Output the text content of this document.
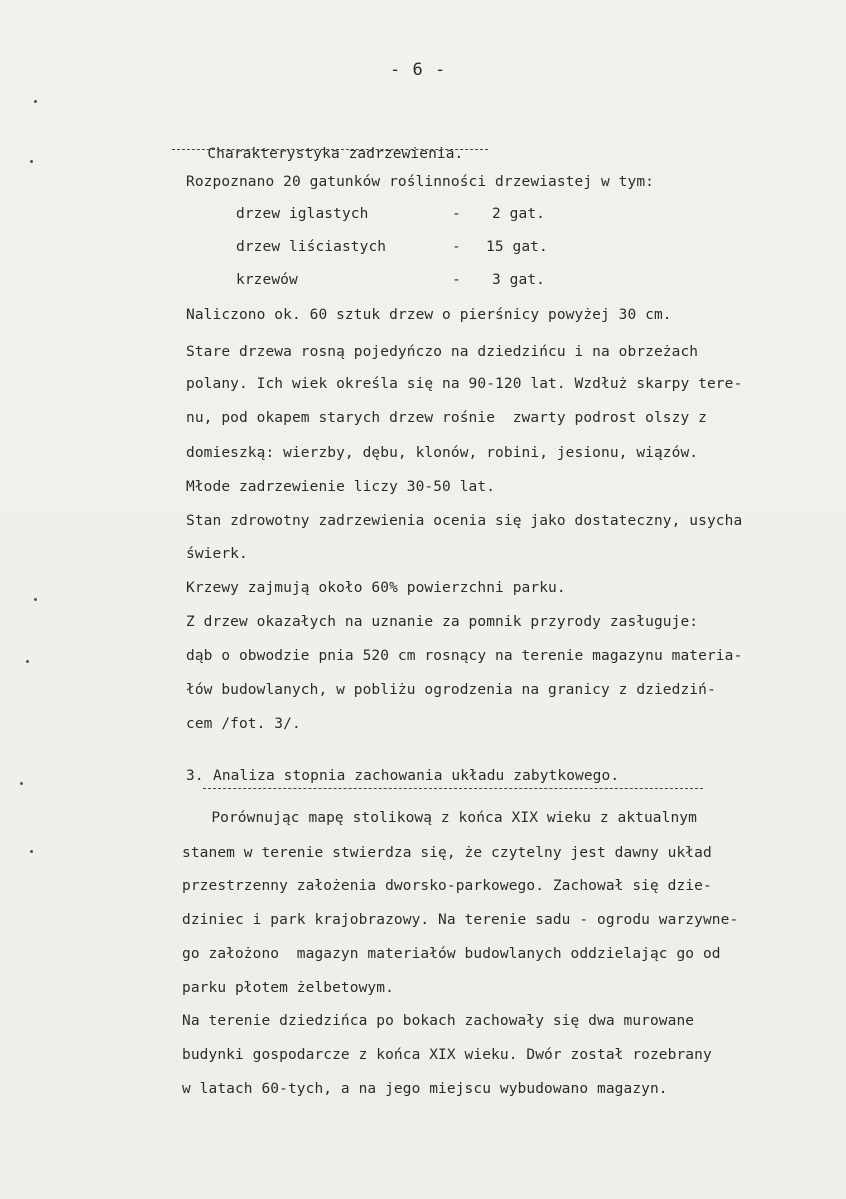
- 6 -

Charakterystyka zadrzewienia.

Rozpoznano 20 gatunków roślinności drzewiastej w tym:
drzew iglastych	- 2 gat.
drzew liściastych	- 15 gat.
krzewów	- 3 gat.
Naliczono ok. 60 sztuk drzew o pierśnicy powyżej 30 cm.
Stare drzewa rosną pojedyńczo na dziedzińcu i na obrzeżach
polany. Ich wiek określa się na 90-120 lat. Wzdłuż skarpy tere-
nu, pod okapem starych drzew rośnie  zwarty podrost olszy z
domieszką: wierzby, dębu, klonów, robini, jesionu, wiązów.
Młode zadrzewienie liczy 30-50 lat.
Stan zdrowotny zadrzewienia ocenia się jako dostateczny, usycha
świerk.
Krzewy zajmują około 60% powierzchni parku.
Z drzew okazałych na uznanie za pomnik przyrody zasługuje:
dąb o obwodzie pnia 520 cm rosnący na terenie magazynu materia-
łów budowlanych, w pobliżu ogrodzenia na granicy z dziedziń-
cem /fot. 3/.
3. Analiza stopnia zachowania układu zabytkowego.
Porównując mapę stolikową z końca XIX wieku z aktualnym
stanem w terenie stwierdza się, że czytelny jest dawny układ
przestrzenny założenia dworsko-parkowego. Zachował się dzie-
dziniec i park krajobrazowy. Na terenie sadu - ogrodu warzywne-
go założono  magazyn materiałów budowlanych oddzielając go od
parku płotem żelbetowym.
Na terenie dziedzińca po bokach zachowały się dwa murowane
budynki gospodarcze z końca XIX wieku. Dwór został rozebrany
w latach 60-tych, a na jego miejscu wybudowano magazyn.
